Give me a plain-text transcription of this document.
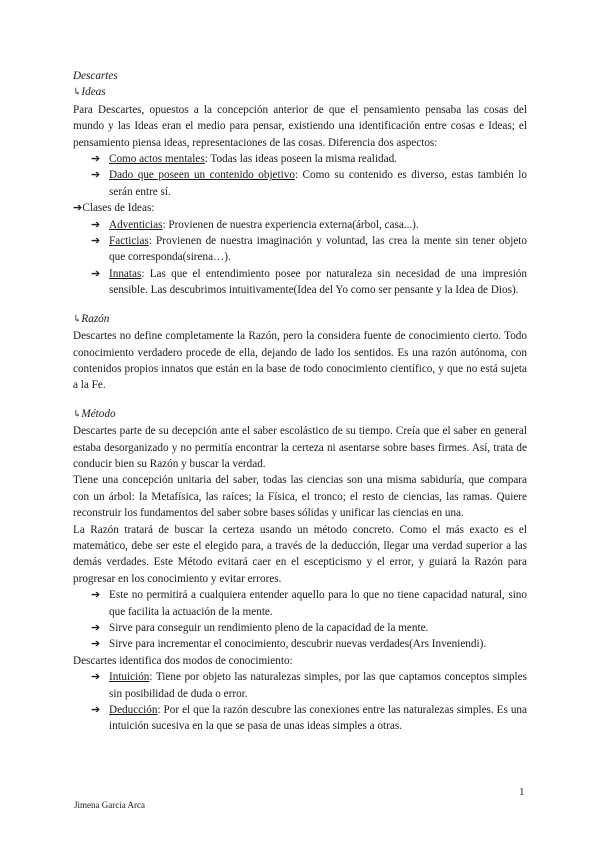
Descartes
↳Ideas

Para Descartes, opuestos a la concepción anterior de que el pensamiento pensaba las cosas del mundo y las Ideas eran el medio para pensar, existiendo una identificación entre cosas e Ideas; el pensamiento piensa ideas, representaciones de las cosas. Diferencia dos aspectos:

➔ Como actos mentales: Todas las ideas poseen la misma realidad.
➔ Dado que poseen un contenido objetivo: Como su contenido es diverso, estas también lo serán entre sí.
➔Clases de Ideas:
➔ Adventicias: Provienen de nuestra experiencia externa(árbol, casa...).
➔ Facticias: Provienen de nuestra imaginación y voluntad, las crea la mente sin tener objeto que corresponda(sirena…).
➔ Innatas: Las que el entendimiento posee por naturaleza sin necesidad de una impresión sensible. Las descubrimos intuitivamente(Idea del Yo como ser pensante y la Idea de Dios).
↳Razón

Descartes no define completamente la Razón, pero la considera fuente de conocimiento cierto. Todo conocimiento verdadero procede de ella, dejando de lado los sentidos. Es una razón autónoma, con contenidos propios innatos que están en la base de todo conocimiento científico, y que no está sujeta a la Fe.

↳Método

Descartes parte de su decepción ante el saber escolástico de su tiempo. Creía que el saber en general estaba desorganizado y no permitía encontrar la certeza ni asentarse sobre bases firmes. Así, trata de conducir bien su Razón y buscar la verdad.

Tiene una concepción unitaria del saber, todas las ciencias son una misma sabiduría, que compara con un árbol: la Metafísica, las raíces; la Física, el tronco; el resto de ciencias, las ramas. Quiere reconstruir los fundamentos del saber sobre bases sólidas y unificar las ciencias en una.

La Razón tratará de buscar la certeza usando un método concreto. Como el más exacto es el matemático, debe ser este el elegido para, a través de la deducción, llegar una verdad superior a las demás verdades. Este Método evitará caer en el escepticismo y el error, y guiará la Razón para progresar en los conocimiento y evitar errores.

➔ Este no permitirá a cualquiera entender aquello para lo que no tiene capacidad natural, sino que facilita la actuación de la mente.
➔ Sirve para conseguir un rendimiento pleno de la capacidad de la mente.
➔ Sirve para incrementar el conocimiento, descubrir nuevas verdades(Ars Inveniendi).

Descartes identifica dos modos de conocimiento:

➔ Intuición: Tiene por objeto las naturalezas simples, por las que captamos conceptos simples sin posibilidad de duda o error.
➔ Deducción: Por el que la razón descubre las conexiones entre las naturalezas simples. Es una intuición sucesiva en la que se pasa de unas ideas simples a otras.
1
Jimena García Arca
